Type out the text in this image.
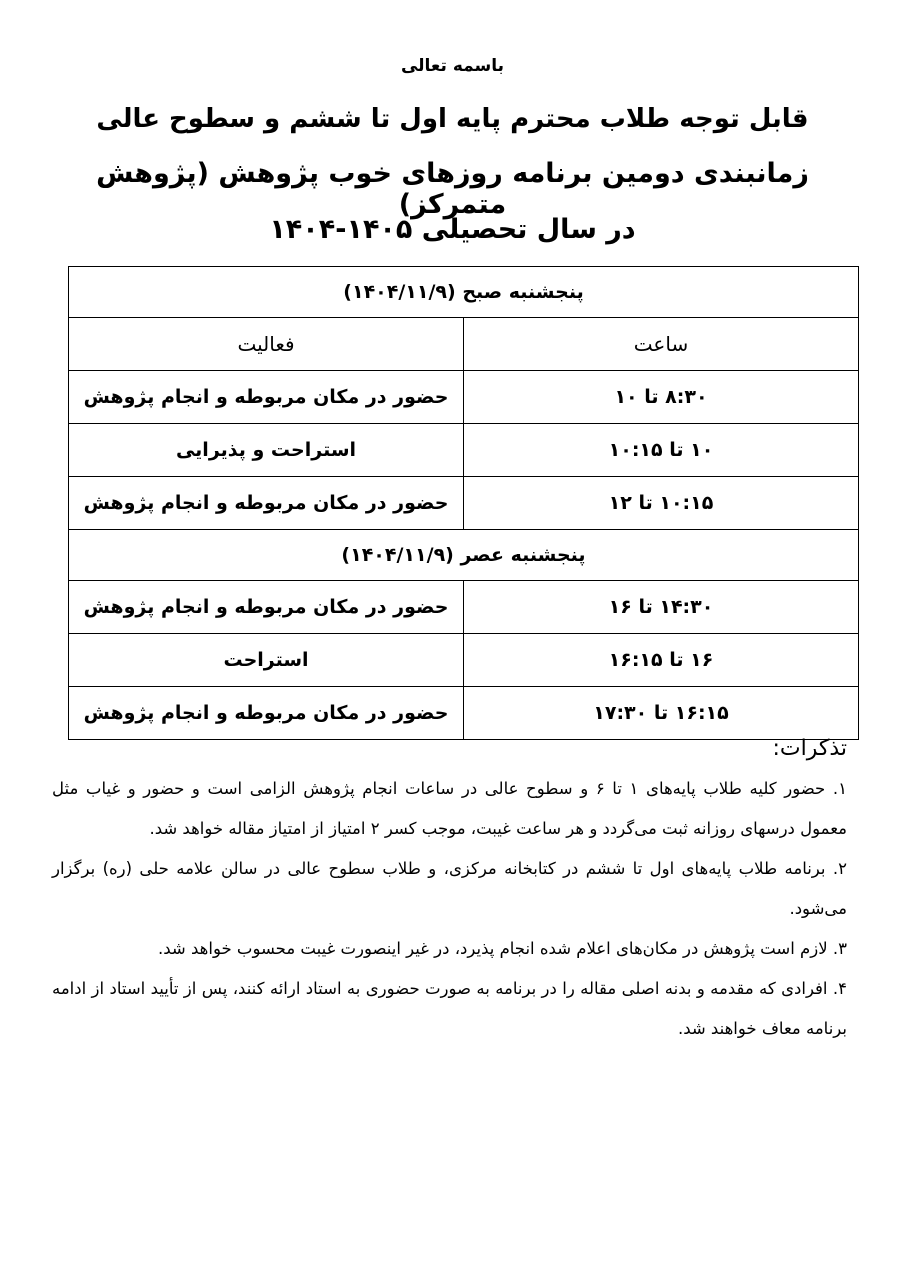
باسمه تعالی
قابل توجه طلاب محترم پایه اول تا ششم و سطوح عالی
زمانبندی دومین برنامه روزهای خوب پژوهش (پژوهش متمرکز)
در سال تحصیلی ۱۴۰۵-۱۴۰۴
پنجشنبه صبح (۱۴۰۴/۱۱/۹)	
ساعت	فعالیت
۸:۳۰ تا ۱۰	حضور در مکان مربوطه و انجام پژوهش
۱۰ تا ۱۰:۱۵	استراحت و پذیرایی
۱۰:۱۵ تا ۱۲	حضور در مکان مربوطه و انجام پژوهش
پنجشنبه عصر (۱۴۰۴/۱۱/۹)	
۱۴:۳۰ تا ۱۶	حضور در مکان مربوطه و انجام پژوهش
۱۶ تا ۱۶:۱۵	استراحت
۱۶:۱۵ تا ۱۷:۳۰	حضور در مکان مربوطه و انجام پژوهش
تذکرات:

۱. حضور کلیه طلاب پایه‌های ۱ تا ۶ و سطوح عالی در ساعات انجام پژوهش الزامی است و حضور و غیاب مثل معمول درسهای روزانه ثبت می‌گردد و هر ساعت غیبت، موجب کسر ۲ امتیاز از امتیاز مقاله خواهد شد.

۲. برنامه طلاب پایه‌های اول تا ششم در کتابخانه مرکزی، و طلاب سطوح عالی در سالن علامه حلی (ره) برگزار می‌شود.

۳. لازم است پژوهش در مکان‌های اعلام شده انجام پذیرد، در غیر اینصورت غیبت محسوب خواهد شد.

۴. افرادی که مقدمه و بدنه اصلی مقاله را در برنامه به صورت حضوری به استاد ارائه کنند، پس از تأیید استاد از ادامه برنامه معاف خواهند شد.
